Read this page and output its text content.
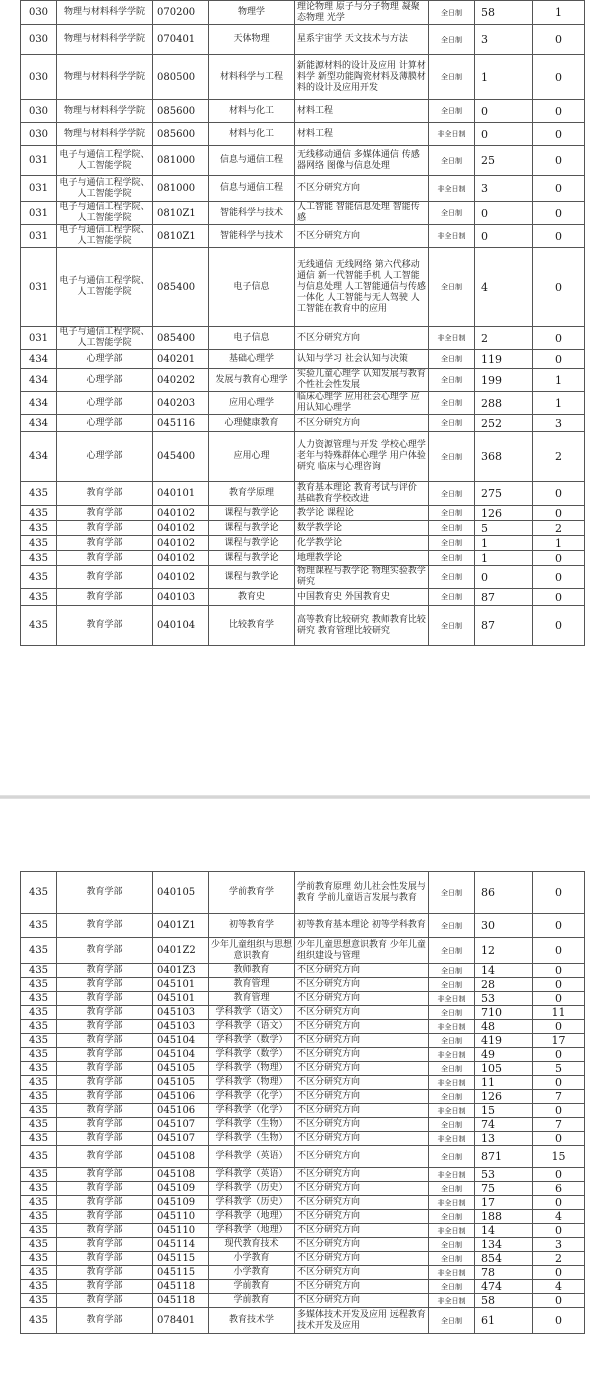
030	物理与材料科学学院	070200	物理学	理论物理 原子与分子物理 凝聚态物理 光学	全日制	58	1
030	物理与材料科学学院	070401	天体物理	星系宇宙学 天文技术与方法	全日制	3	0
030	物理与材料科学学院	080500	材料科学与工程	新能源材料的设计及应用 计算材料学 新型功能陶瓷材料及薄膜材料的设计及应用开发	全日制	1	0
030	物理与材料科学学院	085600	材料与化工	材料工程	全日制	0	0
030	物理与材料科学学院	085600	材料与化工	材料工程	非全日制	0	0
031	电子与通信工程学院、人工智能学院	081000	信息与通信工程	无线移动通信 多媒体通信 传感器网络 图像与信息处理	全日制	25	0
031	电子与通信工程学院、人工智能学院	081000	信息与通信工程	不区分研究方向	非全日制	3	0
031	电子与通信工程学院、人工智能学院	0810Z1	智能科学与技术	人工智能 智能信息处理 智能传感	全日制	0	0
031	电子与通信工程学院、人工智能学院	0810Z1	智能科学与技术	不区分研究方向	非全日制	0	0
031	电子与通信工程学院、人工智能学院	085400	电子信息	无线通信 无线网络 第六代移动通信 新一代智能手机 人工智能与信息处理 人工智能通信与传感一体化 人工智能与无人驾驶 人工智能在教育中的应用	全日制	4	0
031	电子与通信工程学院、人工智能学院	085400	电子信息	不区分研究方向	非全日制	2	0
434	心理学部	040201	基础心理学	认知与学习 社会认知与决策	全日制	119	0
434	心理学部	040202	发展与教育心理学	实验儿童心理学 认知发展与教育 个性社会性发展	全日制	199	1
434	心理学部	040203	应用心理学	临床心理学 应用社会心理学 应用认知心理学	全日制	288	1
434	心理学部	045116	心理健康教育	不区分研究方向	全日制	252	3
434	心理学部	045400	应用心理	人力资源管理与开发 学校心理学 老年与特殊群体心理学 用户体验研究 临床与心理咨询	全日制	368	2
435	教育学部	040101	教育学原理	教育基本理论 教育考试与评价 基础教育学校改进	全日制	275	0
435	教育学部	040102	课程与教学论	教学论 课程论	全日制	126	0
435	教育学部	040102	课程与教学论	数学教学论	全日制	5	2
435	教育学部	040102	课程与教学论	化学教学论	全日制	1	1
435	教育学部	040102	课程与教学论	地理教学论	全日制	1	0
435	教育学部	040102	课程与教学论	物理课程与教学论 物理实验教学研究	全日制	0	0
435	教育学部	040103	教育史	中国教育史 外国教育史	全日制	87	0
435	教育学部	040104	比较教育学	高等教育比较研究 教师教育比较研究 教育管理比较研究	全日制	87	0
435	教育学部	040105	学前教育学	学前教育原理 幼儿社会性发展与教育 学前儿童语言发展与教育	全日制	86	0
435	教育学部	0401Z1	初等教育学	初等教育基本理论 初等学科教育	全日制	30	0
435	教育学部	0401Z2	少年儿童组织与思想意识教育	少年儿童思想意识教育 少年儿童组织建设与管理	全日制	12	0
435	教育学部	0401Z3	教师教育	不区分研究方向	全日制	14	0
435	教育学部	045101	教育管理	不区分研究方向	全日制	28	0
435	教育学部	045101	教育管理	不区分研究方向	非全日制	53	0
435	教育学部	045103	学科教学（语文）	不区分研究方向	全日制	710	11
435	教育学部	045103	学科教学（语文）	不区分研究方向	非全日制	48	0
435	教育学部	045104	学科教学（数学）	不区分研究方向	全日制	419	17
435	教育学部	045104	学科教学（数学）	不区分研究方向	非全日制	49	0
435	教育学部	045105	学科教学（物理）	不区分研究方向	全日制	105	5
435	教育学部	045105	学科教学（物理）	不区分研究方向	非全日制	11	0
435	教育学部	045106	学科教学（化学）	不区分研究方向	全日制	126	7
435	教育学部	045106	学科教学（化学）	不区分研究方向	非全日制	15	0
435	教育学部	045107	学科教学（生物）	不区分研究方向	全日制	74	7
435	教育学部	045107	学科教学（生物）	不区分研究方向	非全日制	13	0
435	教育学部	045108	学科教学（英语）	不区分研究方向	全日制	871	15
435	教育学部	045108	学科教学（英语）	不区分研究方向	非全日制	53	0
435	教育学部	045109	学科教学（历史）	不区分研究方向	全日制	75	6
435	教育学部	045109	学科教学（历史）	不区分研究方向	非全日制	17	0
435	教育学部	045110	学科教学（地理）	不区分研究方向	全日制	188	4
435	教育学部	045110	学科教学（地理）	不区分研究方向	非全日制	14	0
435	教育学部	045114	现代教育技术	不区分研究方向	全日制	134	3
435	教育学部	045115	小学教育	不区分研究方向	全日制	854	2
435	教育学部	045115	小学教育	不区分研究方向	非全日制	78	0
435	教育学部	045118	学前教育	不区分研究方向	全日制	474	4
435	教育学部	045118	学前教育	不区分研究方向	非全日制	58	0
435	教育学部	078401	教育技术学	多媒体技术开发及应用 远程教育技术开发及应用	全日制	61	0
